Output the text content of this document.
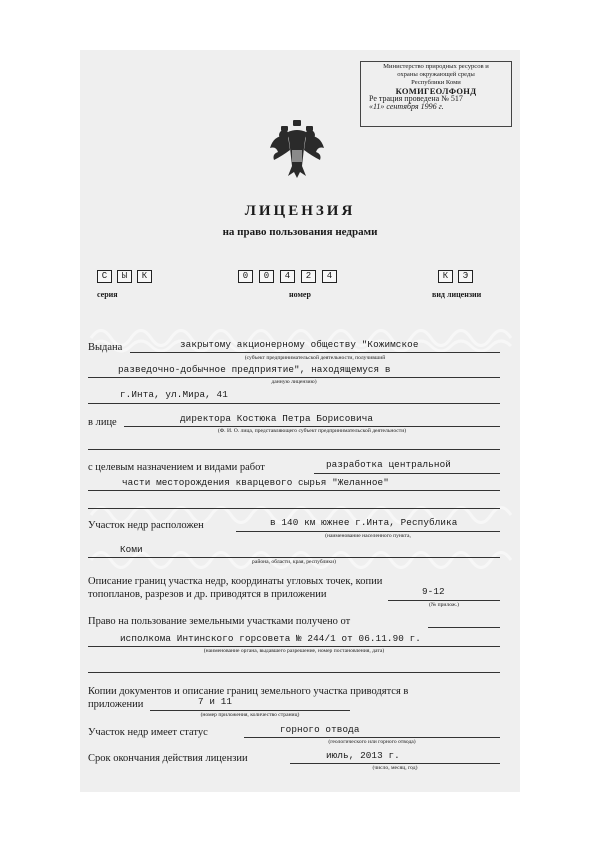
Министерство природных ресурсов и
охраны окружающей среды
Республики Коми
КОМИГЕОЛФОНД
Ре трация проведена № 517
«11» сентября 1996 г.
ЛИЦЕНЗИЯ
на право пользования недрами
С	Ы	К	0	0	4	2	4	К	Э
серия	номер	вид лицензии
Выдана	закрытому акционерному обществу "Кожимское
(субъект предпринимательской деятельности, получивший
разведочно-добычное предприятие", находящемуся в
данную лицензию)
г.Инта, ул.Мира, 41
в лице	директора Костюка Петра Борисовича
(Ф. И. О. лица, представляющего субъект предпринимательской деятельности)
с целевым назначением и видами работ	разработка центральной
части месторождения кварцевого сырья "Желанное"
Участок недр расположен	в 140 км южнее г.Инта, Республика
(наименование населенного пункта,
Коми
района, области, края, республики)
Описание границ участка недр, координаты угловых точек, копии
топопланов, разрезов и др. приводятся в приложении	9-12
(№ прилож.)
Право на пользование земельными участками получено от
исполкома Интинского горсовета № 244/1 от 06.11.90 г.
(наименование органа, выдавшего разрешение, номер постановления, дата)
Копии документов и описание границ земельного участка приводятся в
приложении	7 и 11
(номер приложения, количество страниц)
Участок недр имеет статус	горного отвода
(геологического или горного отвода)
Срок окончания действия лицензии	июль, 2013 г.
(число, месяц, год)
